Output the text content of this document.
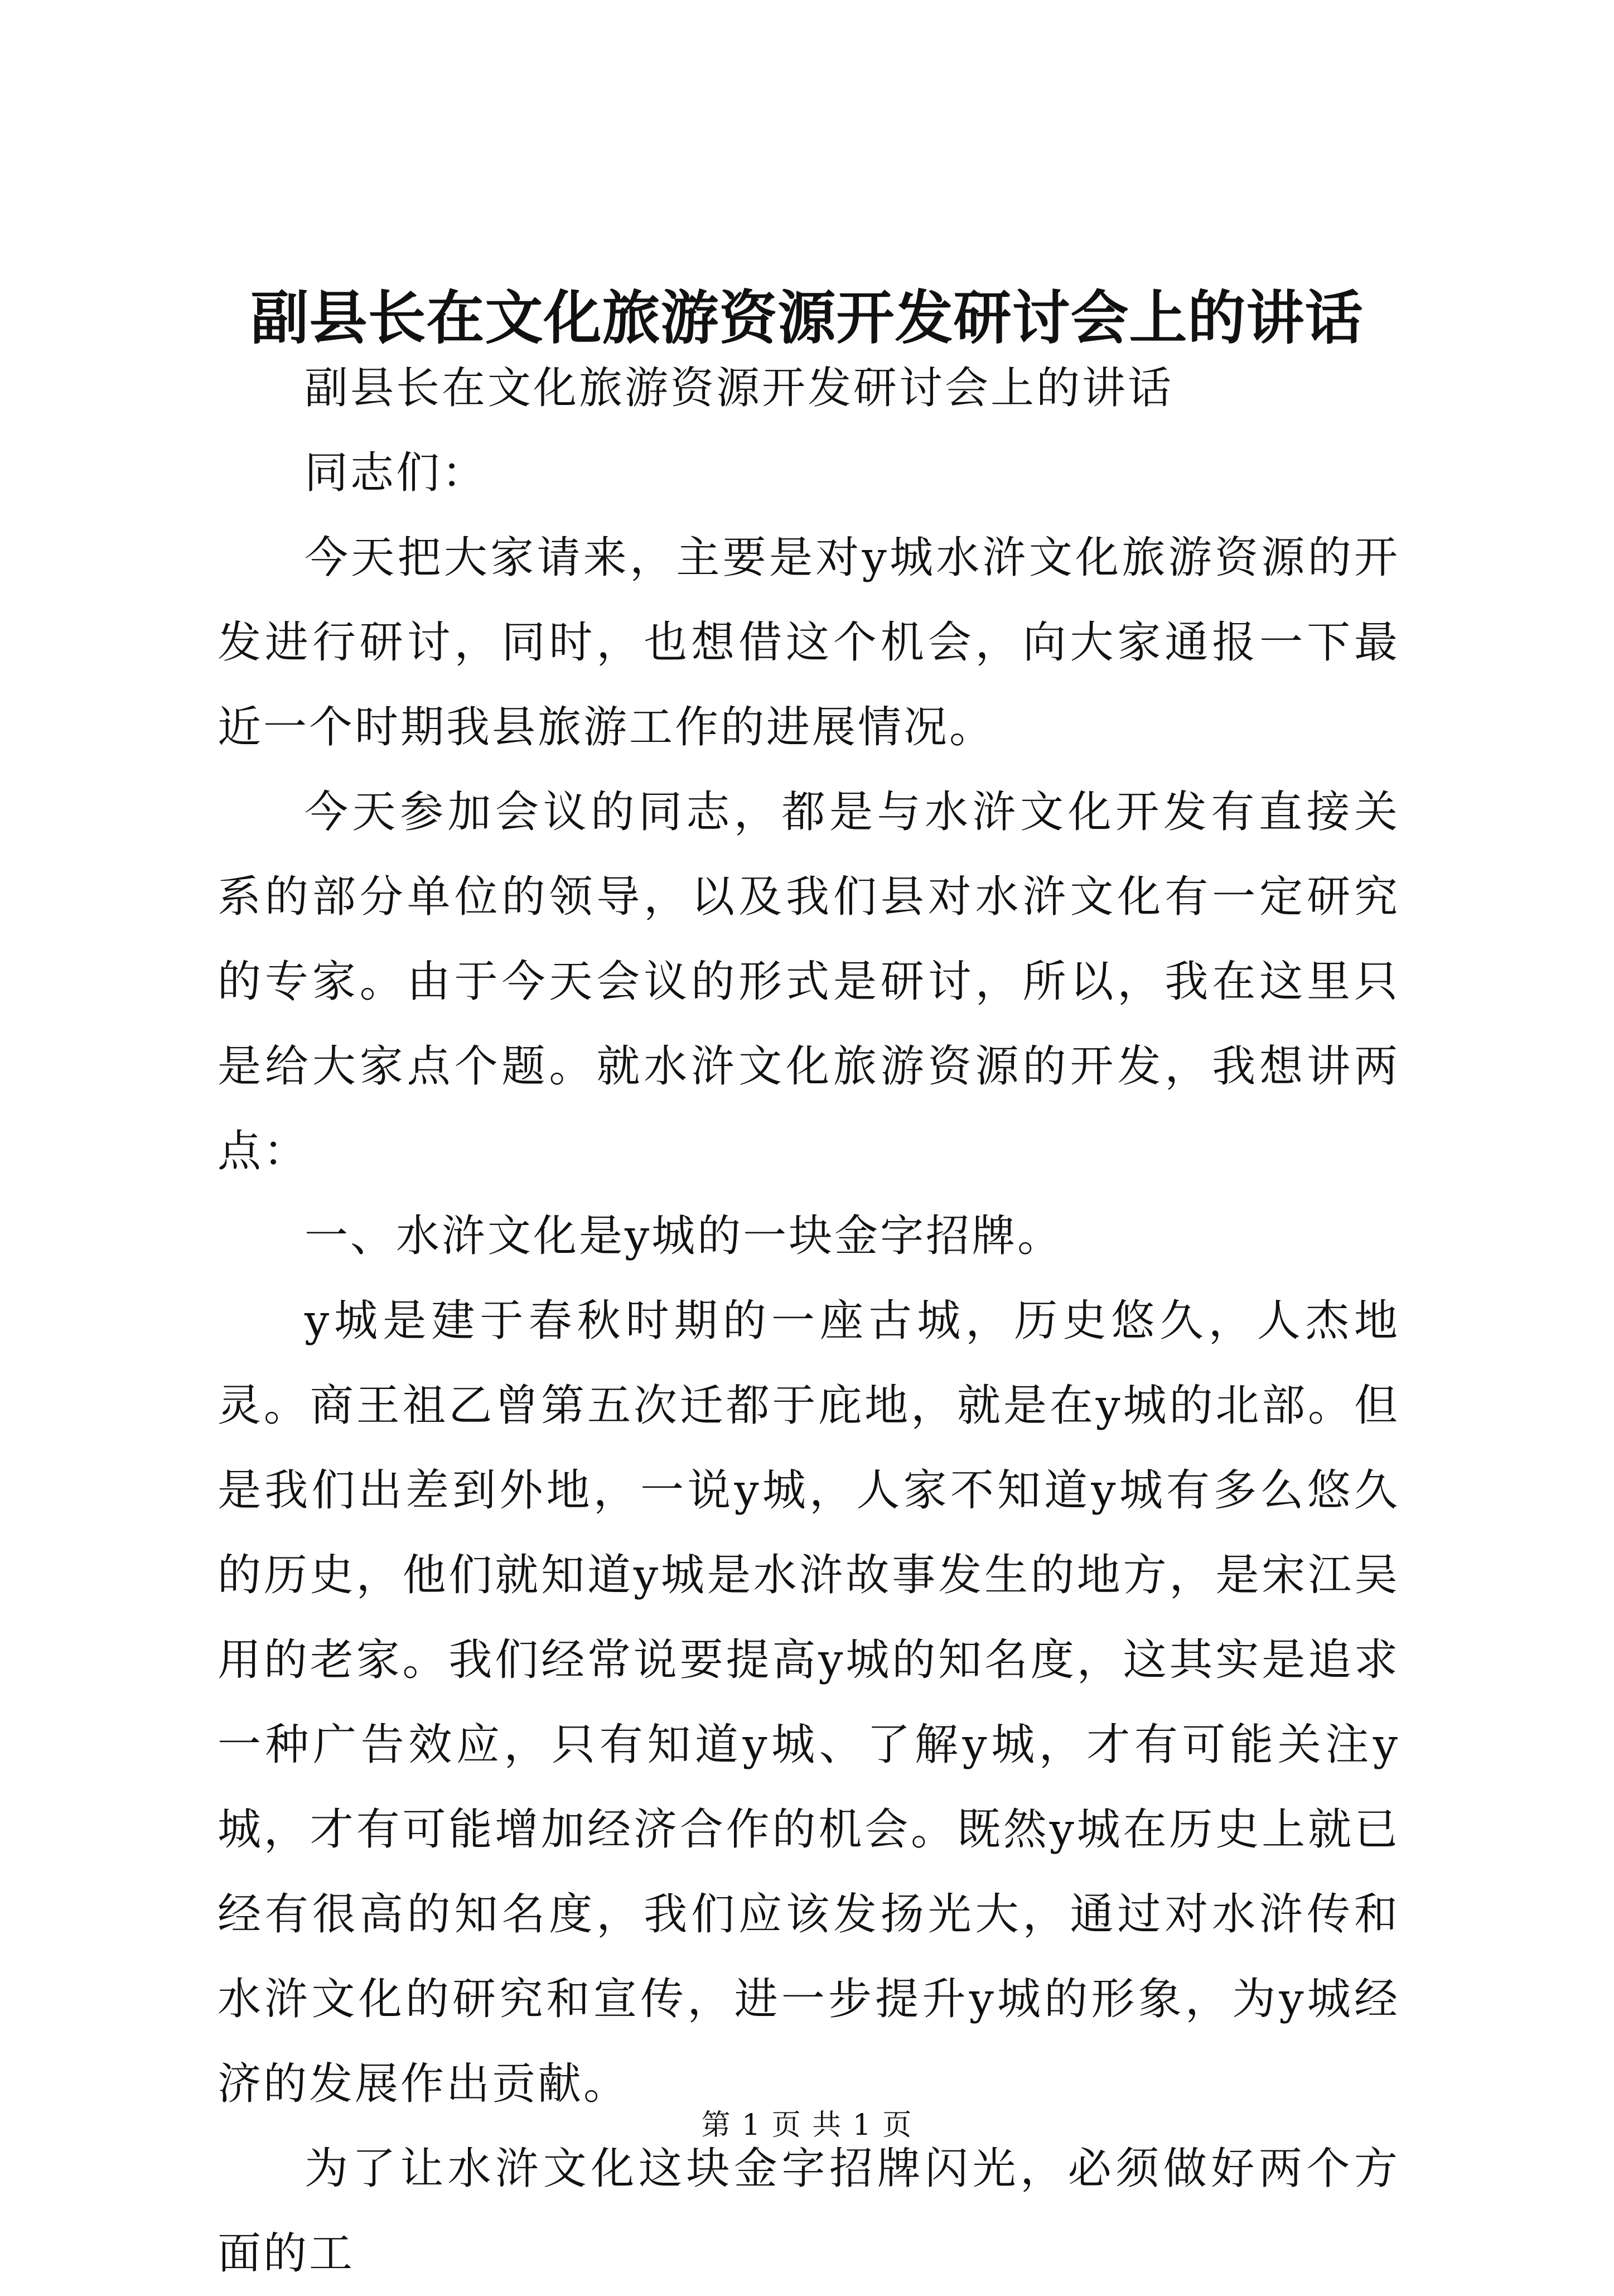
副县长在文化旅游资源开发研讨会上的讲话

副县长在文化旅游资源开发研讨会上的讲话

同志们：

今天把大家请来，主要是对y城水浒文化旅游资源的开发进行研讨，同时，也想借这个机会，向大家通报一下最近一个时期我县旅游工作的进展情况。

今天参加会议的同志，都是与水浒文化开发有直接关系的部分单位的领导，以及我们县对水浒文化有一定研究的专家。由于今天会议的形式是研讨，所以，我在这里只是给大家点个题。就水浒文化旅游资源的开发，我想讲两点：

一、水浒文化是y城的一块金字招牌。

y城是建于春秋时期的一座古城，历史悠久，人杰地灵。商王祖乙曾第五次迁都于庇地，就是在y城的北部。但是我们出差到外地，一说y城，人家不知道y城有多么悠久的历史，他们就知道y城是水浒故事发生的地方，是宋江吴用的老家。我们经常说要提高y城的知名度，这其实是追求一种广告效应，只有知道y城、了解y城，才有可能关注y城，才有可能增加经济合作的机会。既然y城在历史上就已经有很高的知名度，我们应该发扬光大，通过对水浒传和水浒文化的研究和宣传，进一步提升y城的形象，为y城经济的发展作出贡献。

为了让水浒文化这块金字招牌闪光，必须做好两个方面的工

第 1 页 共 1 页
